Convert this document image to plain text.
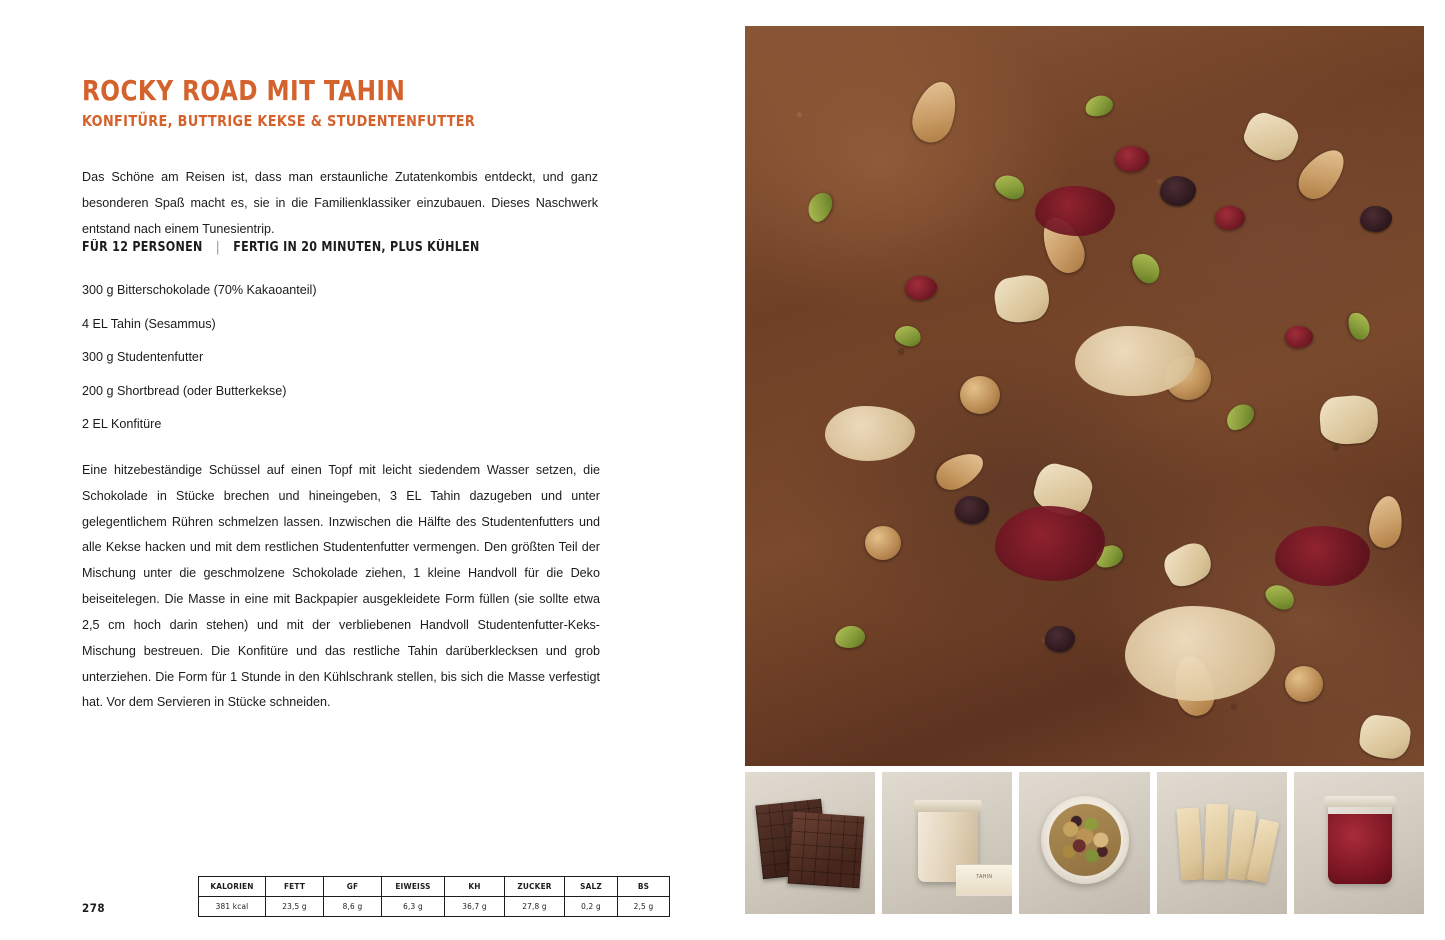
ROCKY ROAD MIT TAHIN
KONFITÜRE, BUTTRIGE KEKSE & STUDENTENFUTTER
Das Schöne am Reisen ist, dass man erstaunliche Zutatenkombis entdeckt, und ganz besonderen Spaß macht es, sie in die Familienklassiker einzubauen. Dieses Naschwerk entstand nach einem Tunesientrip.
FÜR 12 PERSONEN | FERTIG IN 20 MINUTEN, PLUS KÜHLEN
300 g Bitterschokolade (70% Kakaoanteil)
4 EL Tahin (Sesammus)
300 g Studentenfutter
200 g Shortbread (oder Butterkekse)
2 EL Konfitüre
Eine hitzebeständige Schüssel auf einen Topf mit leicht siedendem Wasser setzen, die Schokolade in Stücke brechen und hineingeben, 3 EL Tahin dazugeben und unter gelegentlichem Rühren schmelzen lassen. Inzwischen die Hälfte des Studentenfutters und alle Kekse hacken und mit dem restlichen Studentenfutter vermengen. Den größten Teil der Mischung unter die geschmolzene Schokolade ziehen, 1 kleine Handvoll für die Deko beiseitelegen. Die Masse in eine mit Backpapier ausgekleidete Form füllen (sie sollte etwa 2,5 cm hoch darin stehen) und mit der verbliebenen Handvoll Studentenfutter-Keks-Mischung bestreuen. Die Konfitüre und das restliche Tahin darüberklecksen und grob unterziehen. Die Form für 1 Stunde in den Kühlschrank stellen, bis sich die Masse verfestigt hat. Vor dem Servieren in Stücke schneiden.
278
KALORIEN	FETT	GF	EIWEISS	KH	ZUCKER	SALZ	BS
381 kcal	23,5 g	8,6 g	6,3 g	36,7 g	27,8 g	0,2 g	2,5 g
TAHIN
